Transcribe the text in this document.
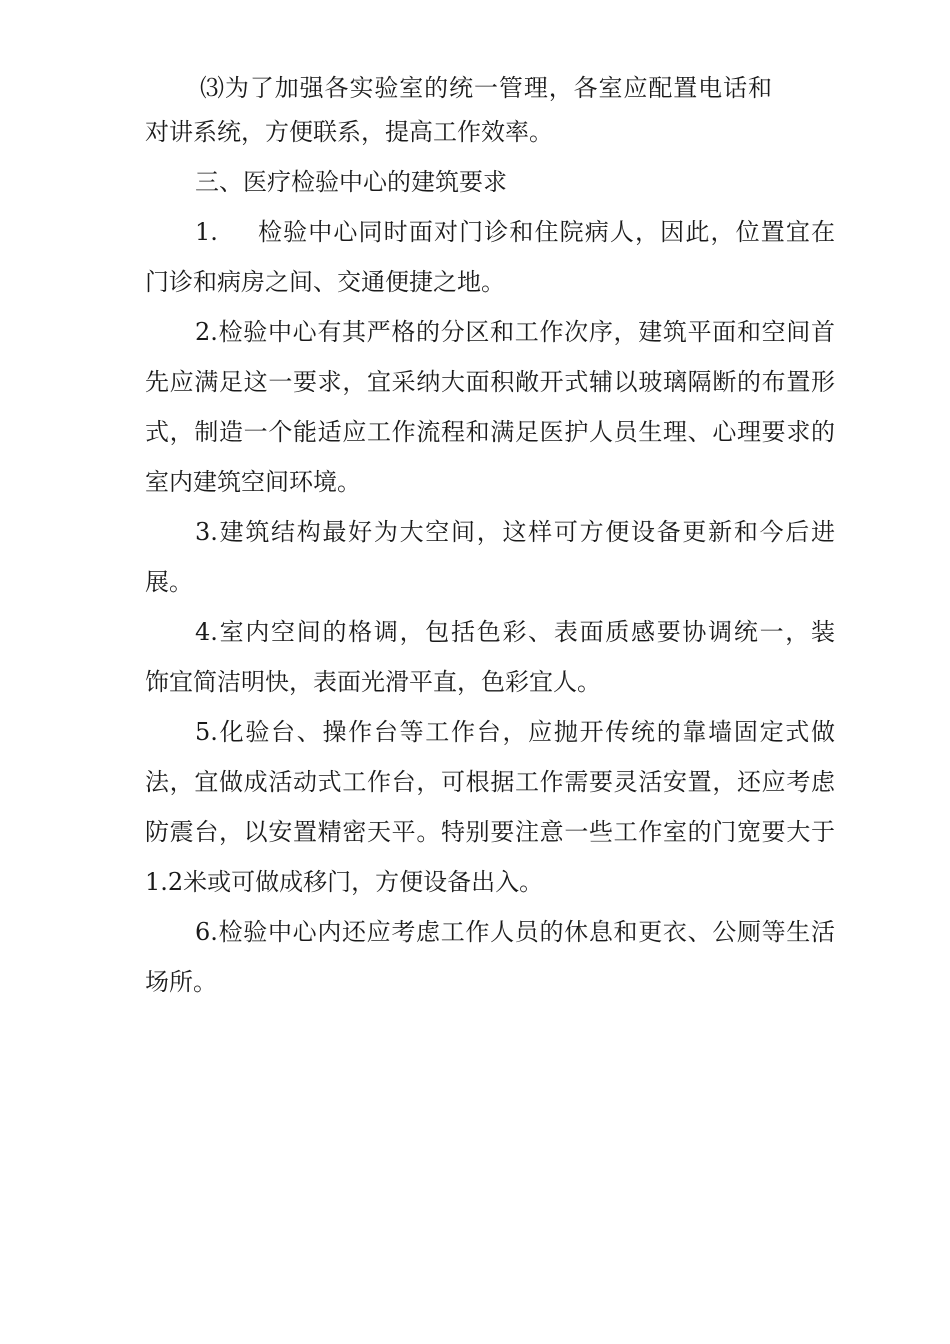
⑶为了加强各实验室的统一管理，各室应配置电话和
对讲系统，方便联系，提高工作效率。
三、医疗检验中心的建筑要求
1. 检验中心同时面对门诊和住院病人，因此，位置宜在
门诊和病房之间、交通便捷之地。
2.检验中心有其严格的分区和工作次序，建筑平面和空间首
先应满足这一要求，宜采纳大面积敞开式辅以玻璃隔断的布置形
式，制造一个能适应工作流程和满足医护人员生理、心理要求的
室内建筑空间环境。
3.建筑结构最好为大空间，这样可方便设备更新和今后进
展。
4.室内空间的格调，包括色彩、表面质感要协调统一，装
饰宜简洁明快，表面光滑平直，色彩宜人。
5.化验台、操作台等工作台，应抛开传统的靠墙固定式做
法，宜做成活动式工作台，可根据工作需要灵活安置，还应考虑
防震台，以安置精密天平。特别要注意一些工作室的门宽要大于
1.2米或可做成移门，方便设备出入。
6.检验中心内还应考虑工作人员的休息和更衣、公厕等生活
场所。
